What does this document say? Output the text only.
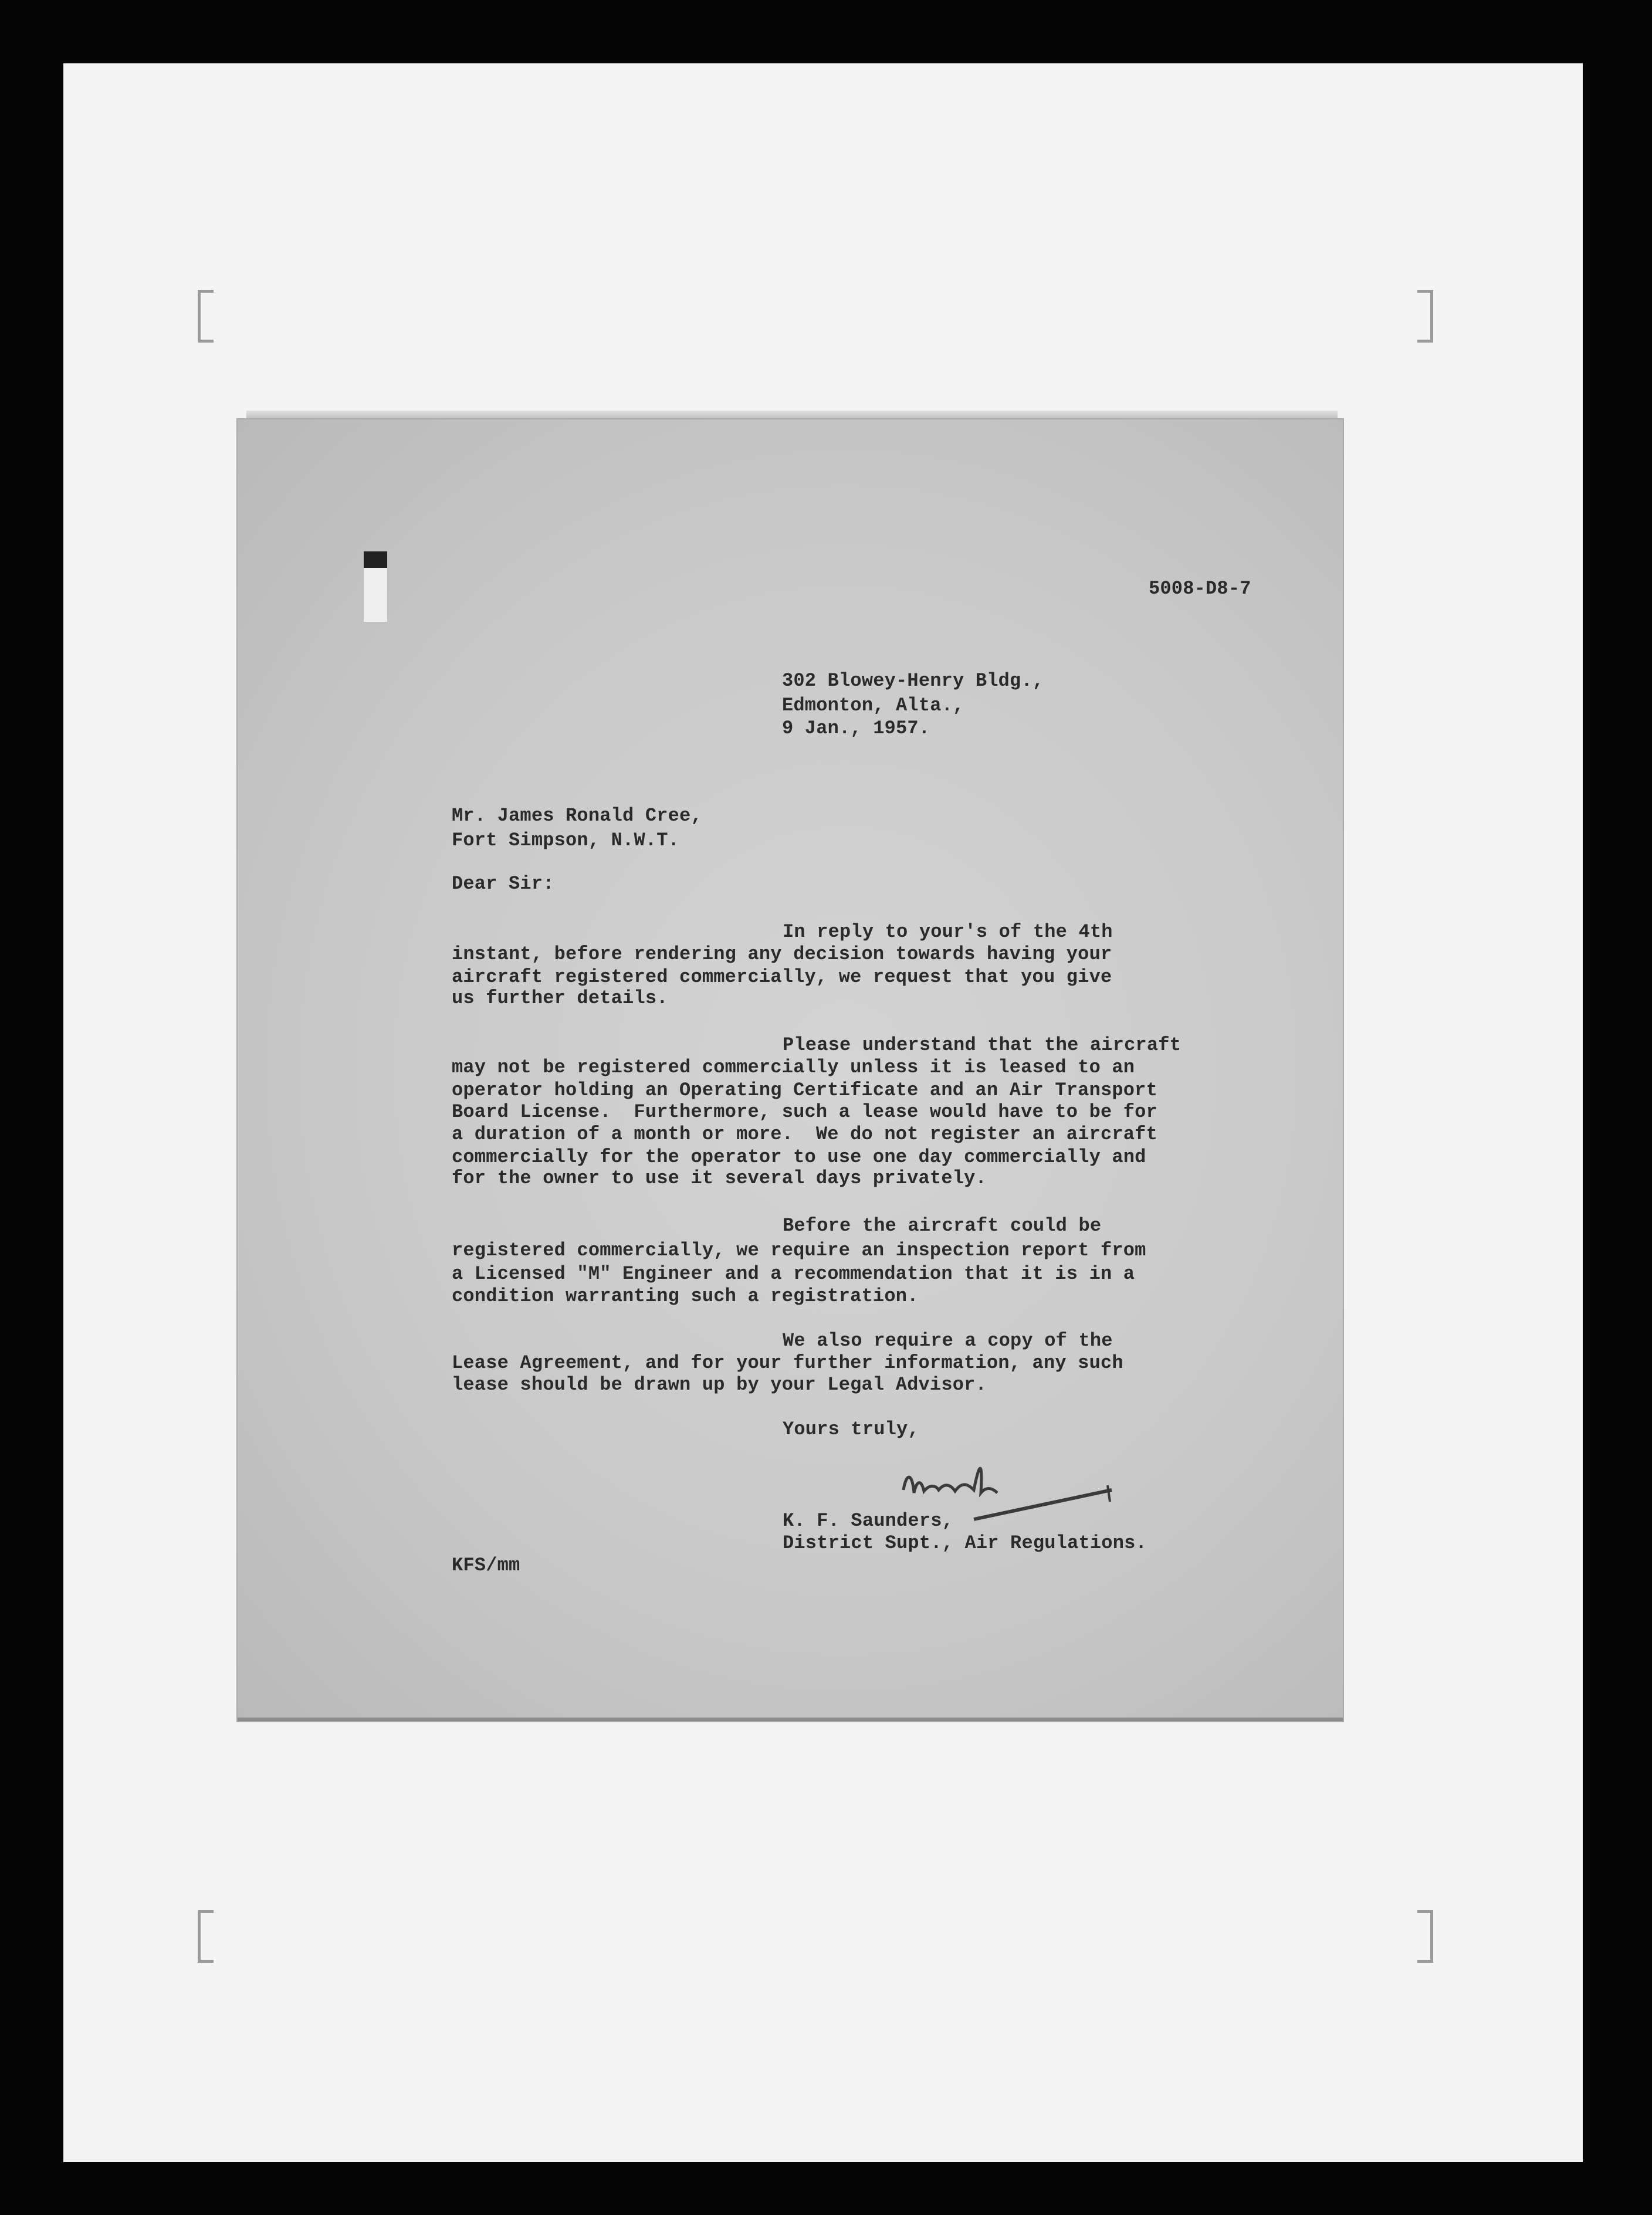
5008-D8-7
302 Blowey-Henry Bldg.,
Edmonton, Alta.,
9 Jan., 1957.
Mr. James Ronald Cree,
Fort Simpson, N.W.T.
Dear Sir:
In reply to your's of the 4th
instant, before rendering any decision towards having your
aircraft registered commercially, we request that you give
us further details.
Please understand that the aircraft
may not be registered commercially unless it is leased to an
operator holding an Operating Certificate and an Air Transport
Board License.  Furthermore, such a lease would have to be for
a duration of a month or more.  We do not register an aircraft
commercially for the operator to use one day commercially and
for the owner to use it several days privately.
Before the aircraft could be
registered commercially, we require an inspection report from
a Licensed "M" Engineer and a recommendation that it is in a
condition warranting such a registration.
We also require a copy of the
Lease Agreement, and for your further information, any such
lease should be drawn up by your Legal Advisor.
Yours truly,
K. F. Saunders,
District Supt., Air Regulations.
KFS/mm
